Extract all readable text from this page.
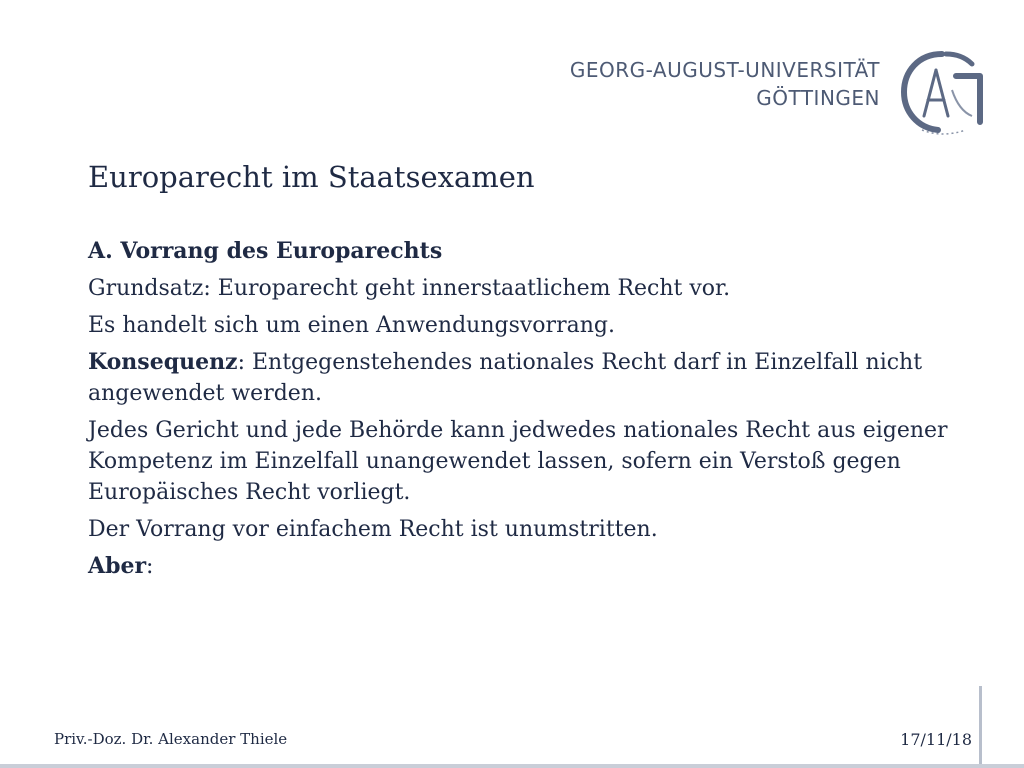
GEORG-AUGUST-UNIVERSITÄT
GÖTTINGEN
Europarecht im Staatsexamen

A. Vorrang des Europarechts

Grundsatz: Europarecht geht innerstaatlichem Recht vor.

Es handelt sich um einen Anwendungsvorrang.

Konsequenz: Entgegenstehendes nationales Recht darf in Einzelfall nicht angewendet werden.

Jedes Gericht und jede Behörde kann jedwedes nationales Recht aus eigener Kompetenz im Einzelfall unangewendet lassen, sofern ein Verstoß gegen Europäisches Recht vorliegt.

Der Vorrang vor einfachem Recht ist unumstritten.

Aber:

Priv.-Doz. Dr. Alexander Thiele	17/11/18
